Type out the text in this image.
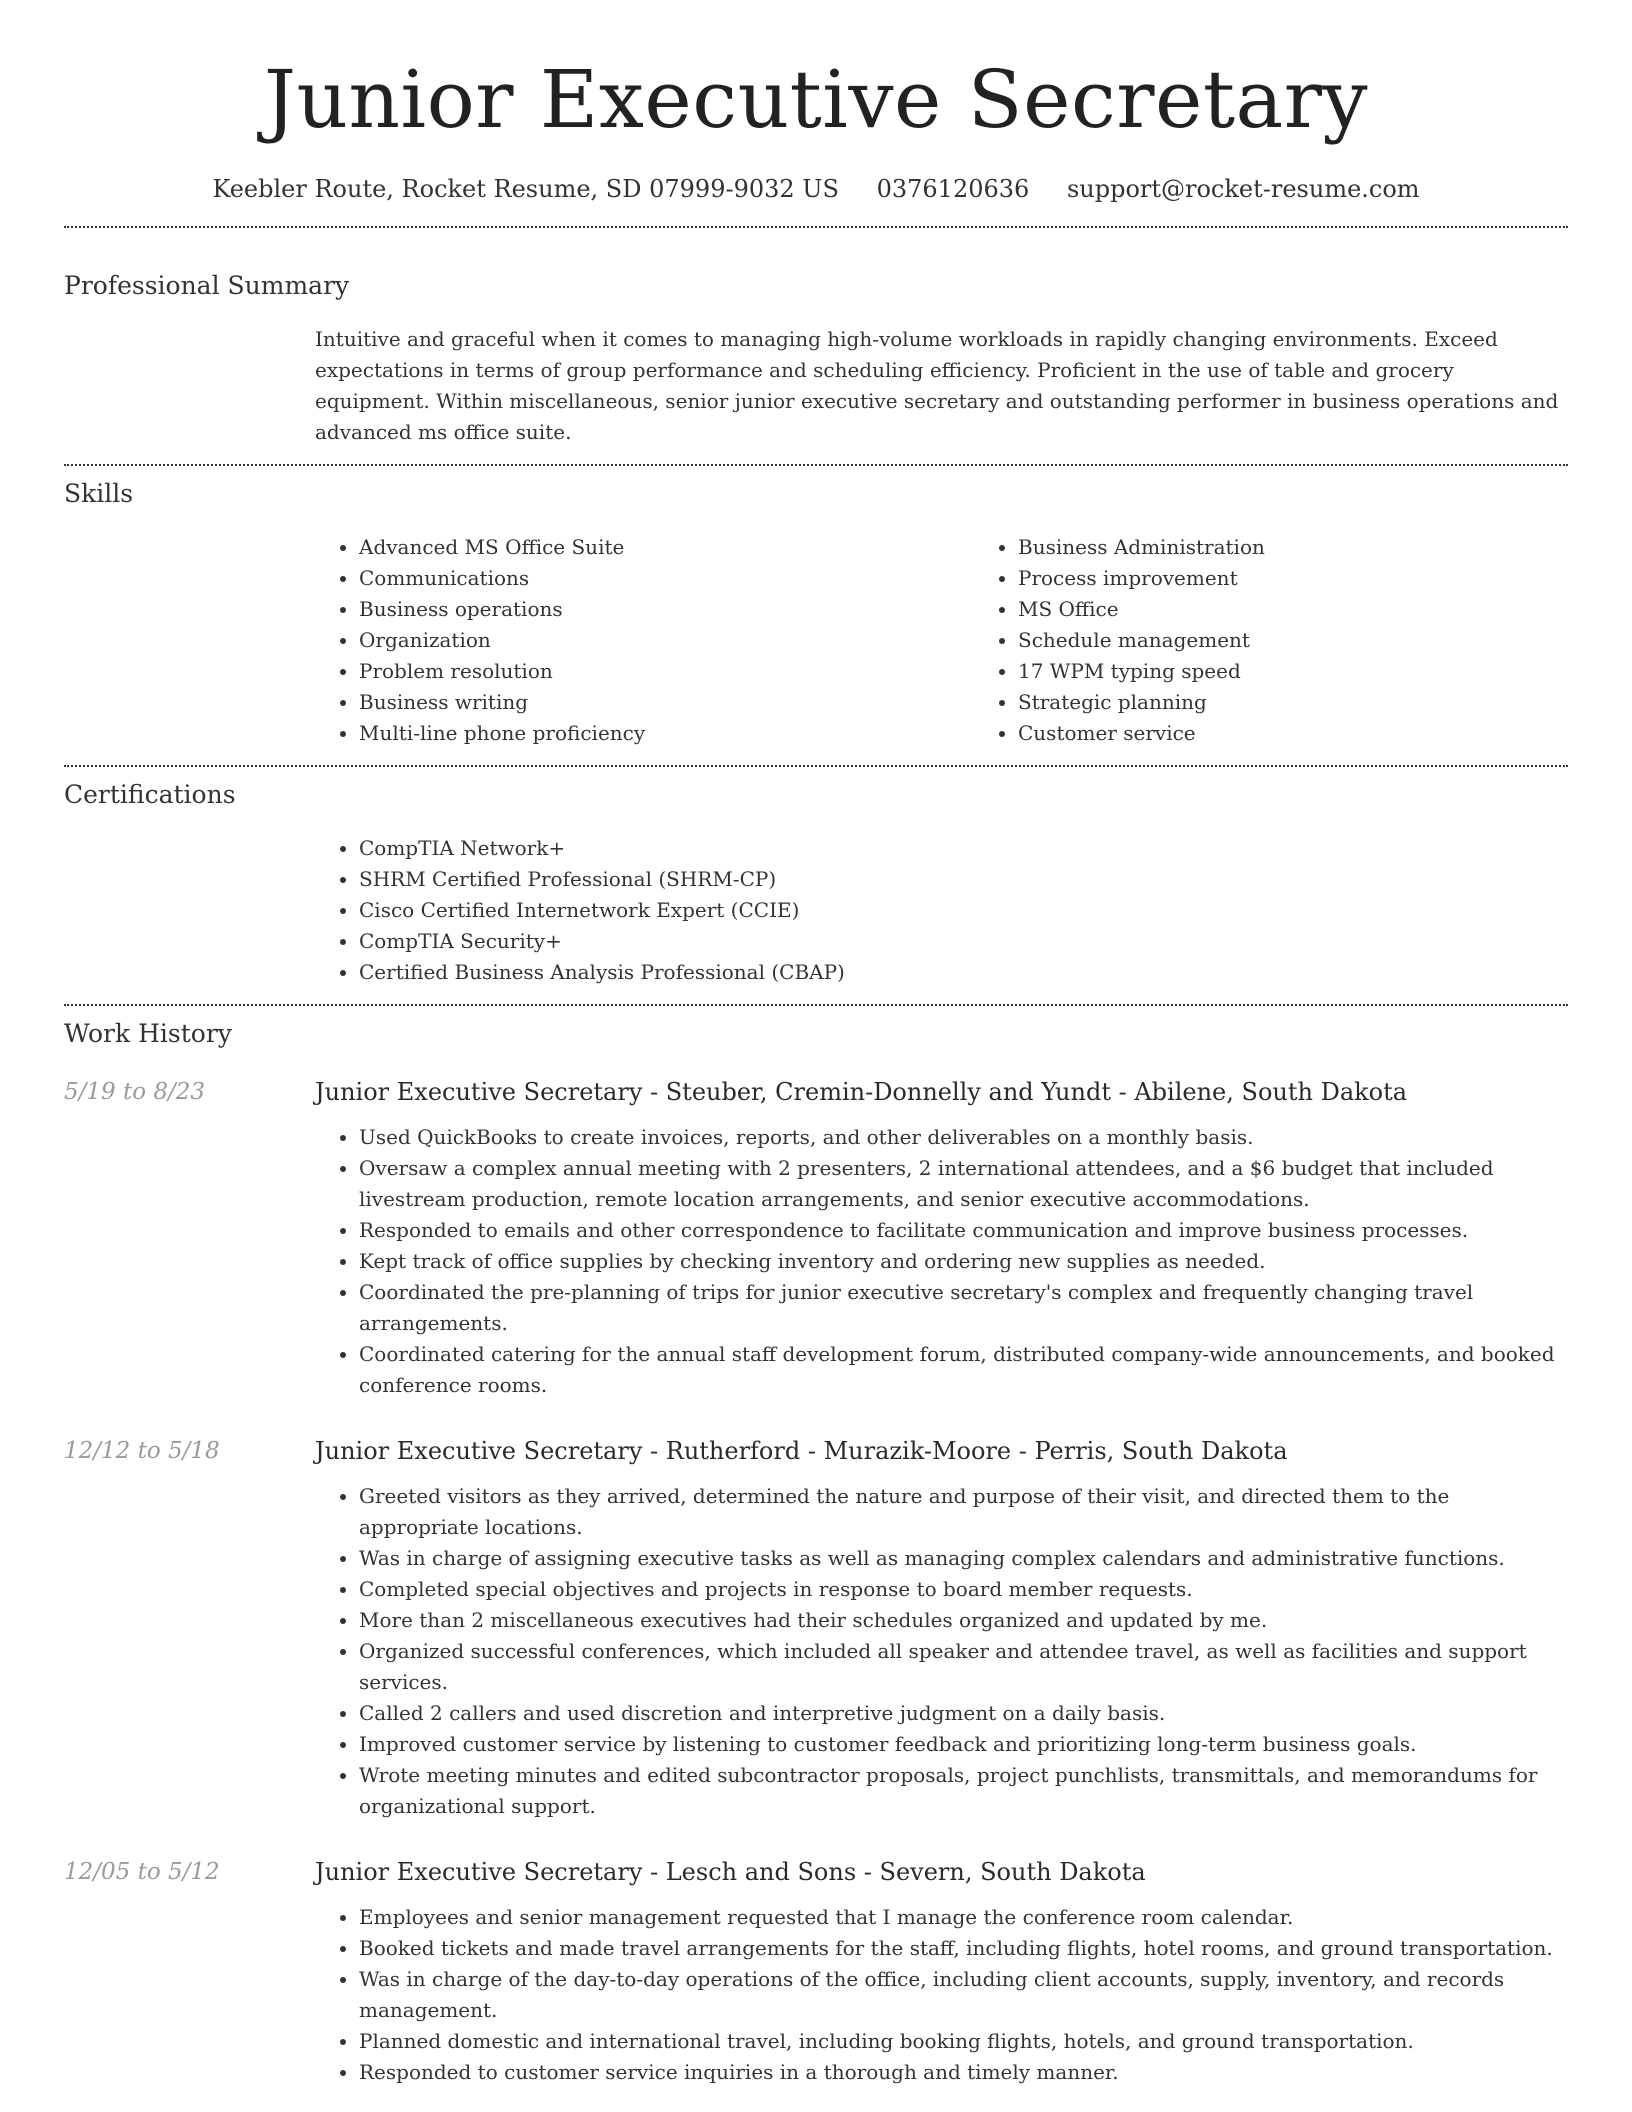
Junior Executive Secretary
Keebler Route, Rocket Resume, SD 07999-9032 US 0376120636 support@rocket-resume.com
Professional Summary

Intuitive and graceful when it comes to managing high-volume workloads in rapidly changing environments. Exceed expectations in terms of group performance and scheduling efficiency. Proficient in the use of table and grocery equipment. Within miscellaneous, senior junior executive secretary and outstanding performer in business operations and advanced ms office suite.

Skills
• Advanced MS Office Suite
• Communications
• Business operations
• Organization
• Problem resolution
• Business writing
• Multi-line phone proficiency
• Business Administration
• Process improvement
• MS Office
• Schedule management
• 17 WPM typing speed
• Strategic planning
• Customer service
Certifications
• CompTIA Network+
• SHRM Certified Professional (SHRM-CP)
• Cisco Certified Internetwork Expert (CCIE)
• CompTIA Security+
• Certified Business Analysis Professional (CBAP)
Work History
5/19 to 8/23	Junior Executive Secretary - Steuber, Cremin-Donnelly and Yundt - Abilene, South Dakota
• Used QuickBooks to create invoices, reports, and other deliverables on a monthly basis.
• Oversaw a complex annual meeting with 2 presenters, 2 international attendees, and a $6 budget that included livestream production, remote location arrangements, and senior executive accommodations.
• Responded to emails and other correspondence to facilitate communication and improve business processes.
• Kept track of office supplies by checking inventory and ordering new supplies as needed.
• Coordinated the pre-planning of trips for junior executive secretary's complex and frequently changing travel arrangements.
• Coordinated catering for the annual staff development forum, distributed company-wide announcements, and booked conference rooms.
12/12 to 5/18	Junior Executive Secretary - Rutherford - Murazik-Moore - Perris, South Dakota
• Greeted visitors as they arrived, determined the nature and purpose of their visit, and directed them to the appropriate locations.
• Was in charge of assigning executive tasks as well as managing complex calendars and administrative functions.
• Completed special objectives and projects in response to board member requests.
• More than 2 miscellaneous executives had their schedules organized and updated by me.
• Organized successful conferences, which included all speaker and attendee travel, as well as facilities and support services.
• Called 2 callers and used discretion and interpretive judgment on a daily basis.
• Improved customer service by listening to customer feedback and prioritizing long-term business goals.
• Wrote meeting minutes and edited subcontractor proposals, project punchlists, transmittals, and memorandums for organizational support.
12/05 to 5/12	Junior Executive Secretary - Lesch and Sons - Severn, South Dakota
• Employees and senior management requested that I manage the conference room calendar.
• Booked tickets and made travel arrangements for the staff, including flights, hotel rooms, and ground transportation.
• Was in charge of the day-to-day operations of the office, including client accounts, supply, inventory, and records management.
• Planned domestic and international travel, including booking flights, hotels, and ground transportation.
• Responded to customer service inquiries in a thorough and timely manner.
